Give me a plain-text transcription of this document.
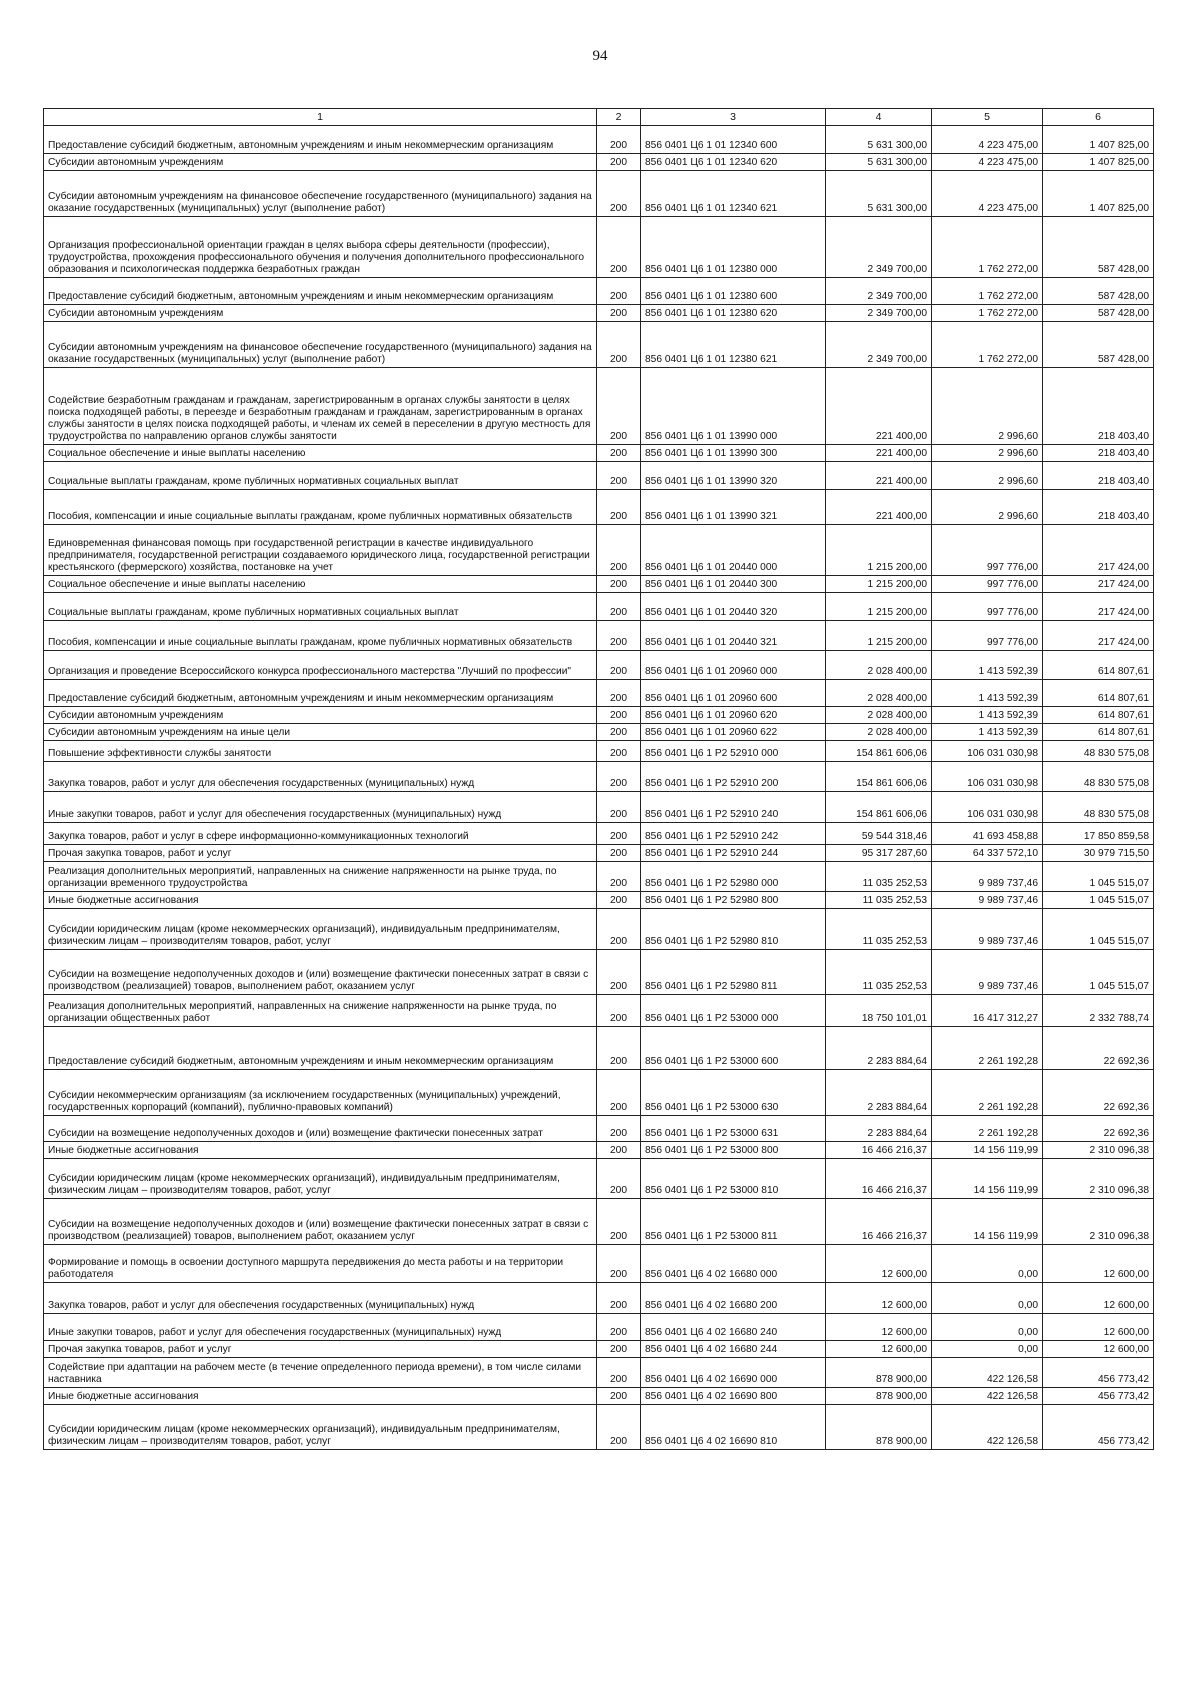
94
1	2	3	4	5	6
Предоставление субсидий бюджетным, автономным учреждениям и иным некоммерческим организациям	200	856 0401 Ц6 1 01 12340 600	5 631 300,00	4 223 475,00	1 407 825,00
Субсидии автономным учреждениям	200	856 0401 Ц6 1 01 12340 620	5 631 300,00	4 223 475,00	1 407 825,00
Субсидии автономным учреждениям на финансовое обеспечение государственного (муниципального) задания на оказание государственных (муниципальных) услуг (выполнение работ)	200	856 0401 Ц6 1 01 12340 621	5 631 300,00	4 223 475,00	1 407 825,00
Организация профессиональной ориентации граждан в целях выбора сферы деятельности (профессии), трудоустройства, прохождения профессионального обучения и получения дополнительного профессионального образования и психологическая поддержка безработных граждан	200	856 0401 Ц6 1 01 12380 000	2 349 700,00	1 762 272,00	587 428,00
Предоставление субсидий бюджетным, автономным учреждениям и иным некоммерческим организациям	200	856 0401 Ц6 1 01 12380 600	2 349 700,00	1 762 272,00	587 428,00
Субсидии автономным учреждениям	200	856 0401 Ц6 1 01 12380 620	2 349 700,00	1 762 272,00	587 428,00
Субсидии автономным учреждениям на финансовое обеспечение государственного (муниципального) задания на оказание государственных (муниципальных) услуг (выполнение работ)	200	856 0401 Ц6 1 01 12380 621	2 349 700,00	1 762 272,00	587 428,00
Содействие безработным гражданам и гражданам, зарегистрированным в органах службы занятости в целях поиска подходящей работы, в переезде и безработным гражданам и гражданам, зарегистрированным в органах службы занятости в целях поиска подходящей работы, и членам их семей в переселении в другую местность для трудоустройства по направлению органов службы занятости	200	856 0401 Ц6 1 01 13990 000	221 400,00	2 996,60	218 403,40
Социальное обеспечение и иные выплаты населению	200	856 0401 Ц6 1 01 13990 300	221 400,00	2 996,60	218 403,40
Социальные выплаты гражданам, кроме публичных нормативных социальных выплат	200	856 0401 Ц6 1 01 13990 320	221 400,00	2 996,60	218 403,40
Пособия, компенсации и иные социальные выплаты гражданам, кроме публичных нормативных обязательств	200	856 0401 Ц6 1 01 13990 321	221 400,00	2 996,60	218 403,40
Единовременная финансовая помощь при государственной регистрации в качестве индивидуального предпринимателя, государственной регистрации создаваемого юридического лица, государственной регистрации крестьянского (фермерского) хозяйства, постановке на учет	200	856 0401 Ц6 1 01 20440 000	1 215 200,00	997 776,00	217 424,00
Социальное обеспечение и иные выплаты населению	200	856 0401 Ц6 1 01 20440 300	1 215 200,00	997 776,00	217 424,00
Социальные выплаты гражданам, кроме публичных нормативных социальных выплат	200	856 0401 Ц6 1 01 20440 320	1 215 200,00	997 776,00	217 424,00
Пособия, компенсации и иные социальные выплаты гражданам, кроме публичных нормативных обязательств	200	856 0401 Ц6 1 01 20440 321	1 215 200,00	997 776,00	217 424,00
Организация и проведение Всероссийского конкурса профессионального мастерства "Лучший по профессии"	200	856 0401 Ц6 1 01 20960 000	2 028 400,00	1 413 592,39	614 807,61
Предоставление субсидий бюджетным, автономным учреждениям и иным некоммерческим организациям	200	856 0401 Ц6 1 01 20960 600	2 028 400,00	1 413 592,39	614 807,61
Субсидии автономным учреждениям	200	856 0401 Ц6 1 01 20960 620	2 028 400,00	1 413 592,39	614 807,61
Субсидии автономным учреждениям на иные цели	200	856 0401 Ц6 1 01 20960 622	2 028 400,00	1 413 592,39	614 807,61
Повышение эффективности службы занятости	200	856 0401 Ц6 1 P2 52910 000	154 861 606,06	106 031 030,98	48 830 575,08
Закупка товаров, работ и услуг для обеспечения государственных (муниципальных) нужд	200	856 0401 Ц6 1 P2 52910 200	154 861 606,06	106 031 030,98	48 830 575,08
Иные закупки товаров, работ и услуг для обеспечения государственных (муниципальных) нужд	200	856 0401 Ц6 1 P2 52910 240	154 861 606,06	106 031 030,98	48 830 575,08
Закупка товаров, работ и услуг в сфере информационно-коммуникационных технологий	200	856 0401 Ц6 1 P2 52910 242	59 544 318,46	41 693 458,88	17 850 859,58
Прочая закупка товаров, работ и услуг	200	856 0401 Ц6 1 P2 52910 244	95 317 287,60	64 337 572,10	30 979 715,50
Реализация дополнительных мероприятий, направленных на снижение напряженности на рынке труда, по организации временного трудоустройства	200	856 0401 Ц6 1 P2 52980 000	11 035 252,53	9 989 737,46	1 045 515,07
Иные бюджетные ассигнования	200	856 0401 Ц6 1 P2 52980 800	11 035 252,53	9 989 737,46	1 045 515,07
Субсидии юридическим лицам (кроме некоммерческих организаций), индивидуальным предпринимателям, физическим лицам – производителям товаров, работ, услуг	200	856 0401 Ц6 1 P2 52980 810	11 035 252,53	9 989 737,46	1 045 515,07
Субсидии на возмещение недополученных доходов и (или) возмещение фактически понесенных затрат в связи с производством (реализацией) товаров, выполнением работ, оказанием услуг	200	856 0401 Ц6 1 P2 52980 811	11 035 252,53	9 989 737,46	1 045 515,07
Реализация дополнительных мероприятий, направленных на снижение напряженности на рынке труда, по организации общественных работ	200	856 0401 Ц6 1 P2 53000 000	18 750 101,01	16 417 312,27	2 332 788,74
Предоставление субсидий бюджетным, автономным учреждениям и иным некоммерческим организациям	200	856 0401 Ц6 1 P2 53000 600	2 283 884,64	2 261 192,28	22 692,36
Субсидии некоммерческим организациям (за исключением государственных (муниципальных) учреждений, государственных корпораций (компаний), публично-правовых компаний)	200	856 0401 Ц6 1 P2 53000 630	2 283 884,64	2 261 192,28	22 692,36
Субсидии на возмещение недополученных доходов и (или) возмещение фактически понесенных затрат	200	856 0401 Ц6 1 P2 53000 631	2 283 884,64	2 261 192,28	22 692,36
Иные бюджетные ассигнования	200	856 0401 Ц6 1 P2 53000 800	16 466 216,37	14 156 119,99	2 310 096,38
Субсидии юридическим лицам (кроме некоммерческих организаций), индивидуальным предпринимателям, физическим лицам – производителям товаров, работ, услуг	200	856 0401 Ц6 1 P2 53000 810	16 466 216,37	14 156 119,99	2 310 096,38
Субсидии на возмещение недополученных доходов и (или) возмещение фактически понесенных затрат в связи с производством (реализацией) товаров, выполнением работ, оказанием услуг	200	856 0401 Ц6 1 P2 53000 811	16 466 216,37	14 156 119,99	2 310 096,38
Формирование и помощь в освоении доступного маршрута передвижения до места работы и на территории работодателя	200	856 0401 Ц6 4 02 16680 000	12 600,00	0,00	12 600,00
Закупка товаров, работ и услуг для обеспечения государственных (муниципальных) нужд	200	856 0401 Ц6 4 02 16680 200	12 600,00	0,00	12 600,00
Иные закупки товаров, работ и услуг для обеспечения государственных (муниципальных) нужд	200	856 0401 Ц6 4 02 16680 240	12 600,00	0,00	12 600,00
Прочая закупка товаров, работ и услуг	200	856 0401 Ц6 4 02 16680 244	12 600,00	0,00	12 600,00
Содействие при адаптации на рабочем месте (в течение определенного периода времени), в том числе силами наставника	200	856 0401 Ц6 4 02 16690 000	878 900,00	422 126,58	456 773,42
Иные бюджетные ассигнования	200	856 0401 Ц6 4 02 16690 800	878 900,00	422 126,58	456 773,42
Субсидии юридическим лицам (кроме некоммерческих организаций), индивидуальным предпринимателям, физическим лицам – производителям товаров, работ, услуг	200	856 0401 Ц6 4 02 16690 810	878 900,00	422 126,58	456 773,42
